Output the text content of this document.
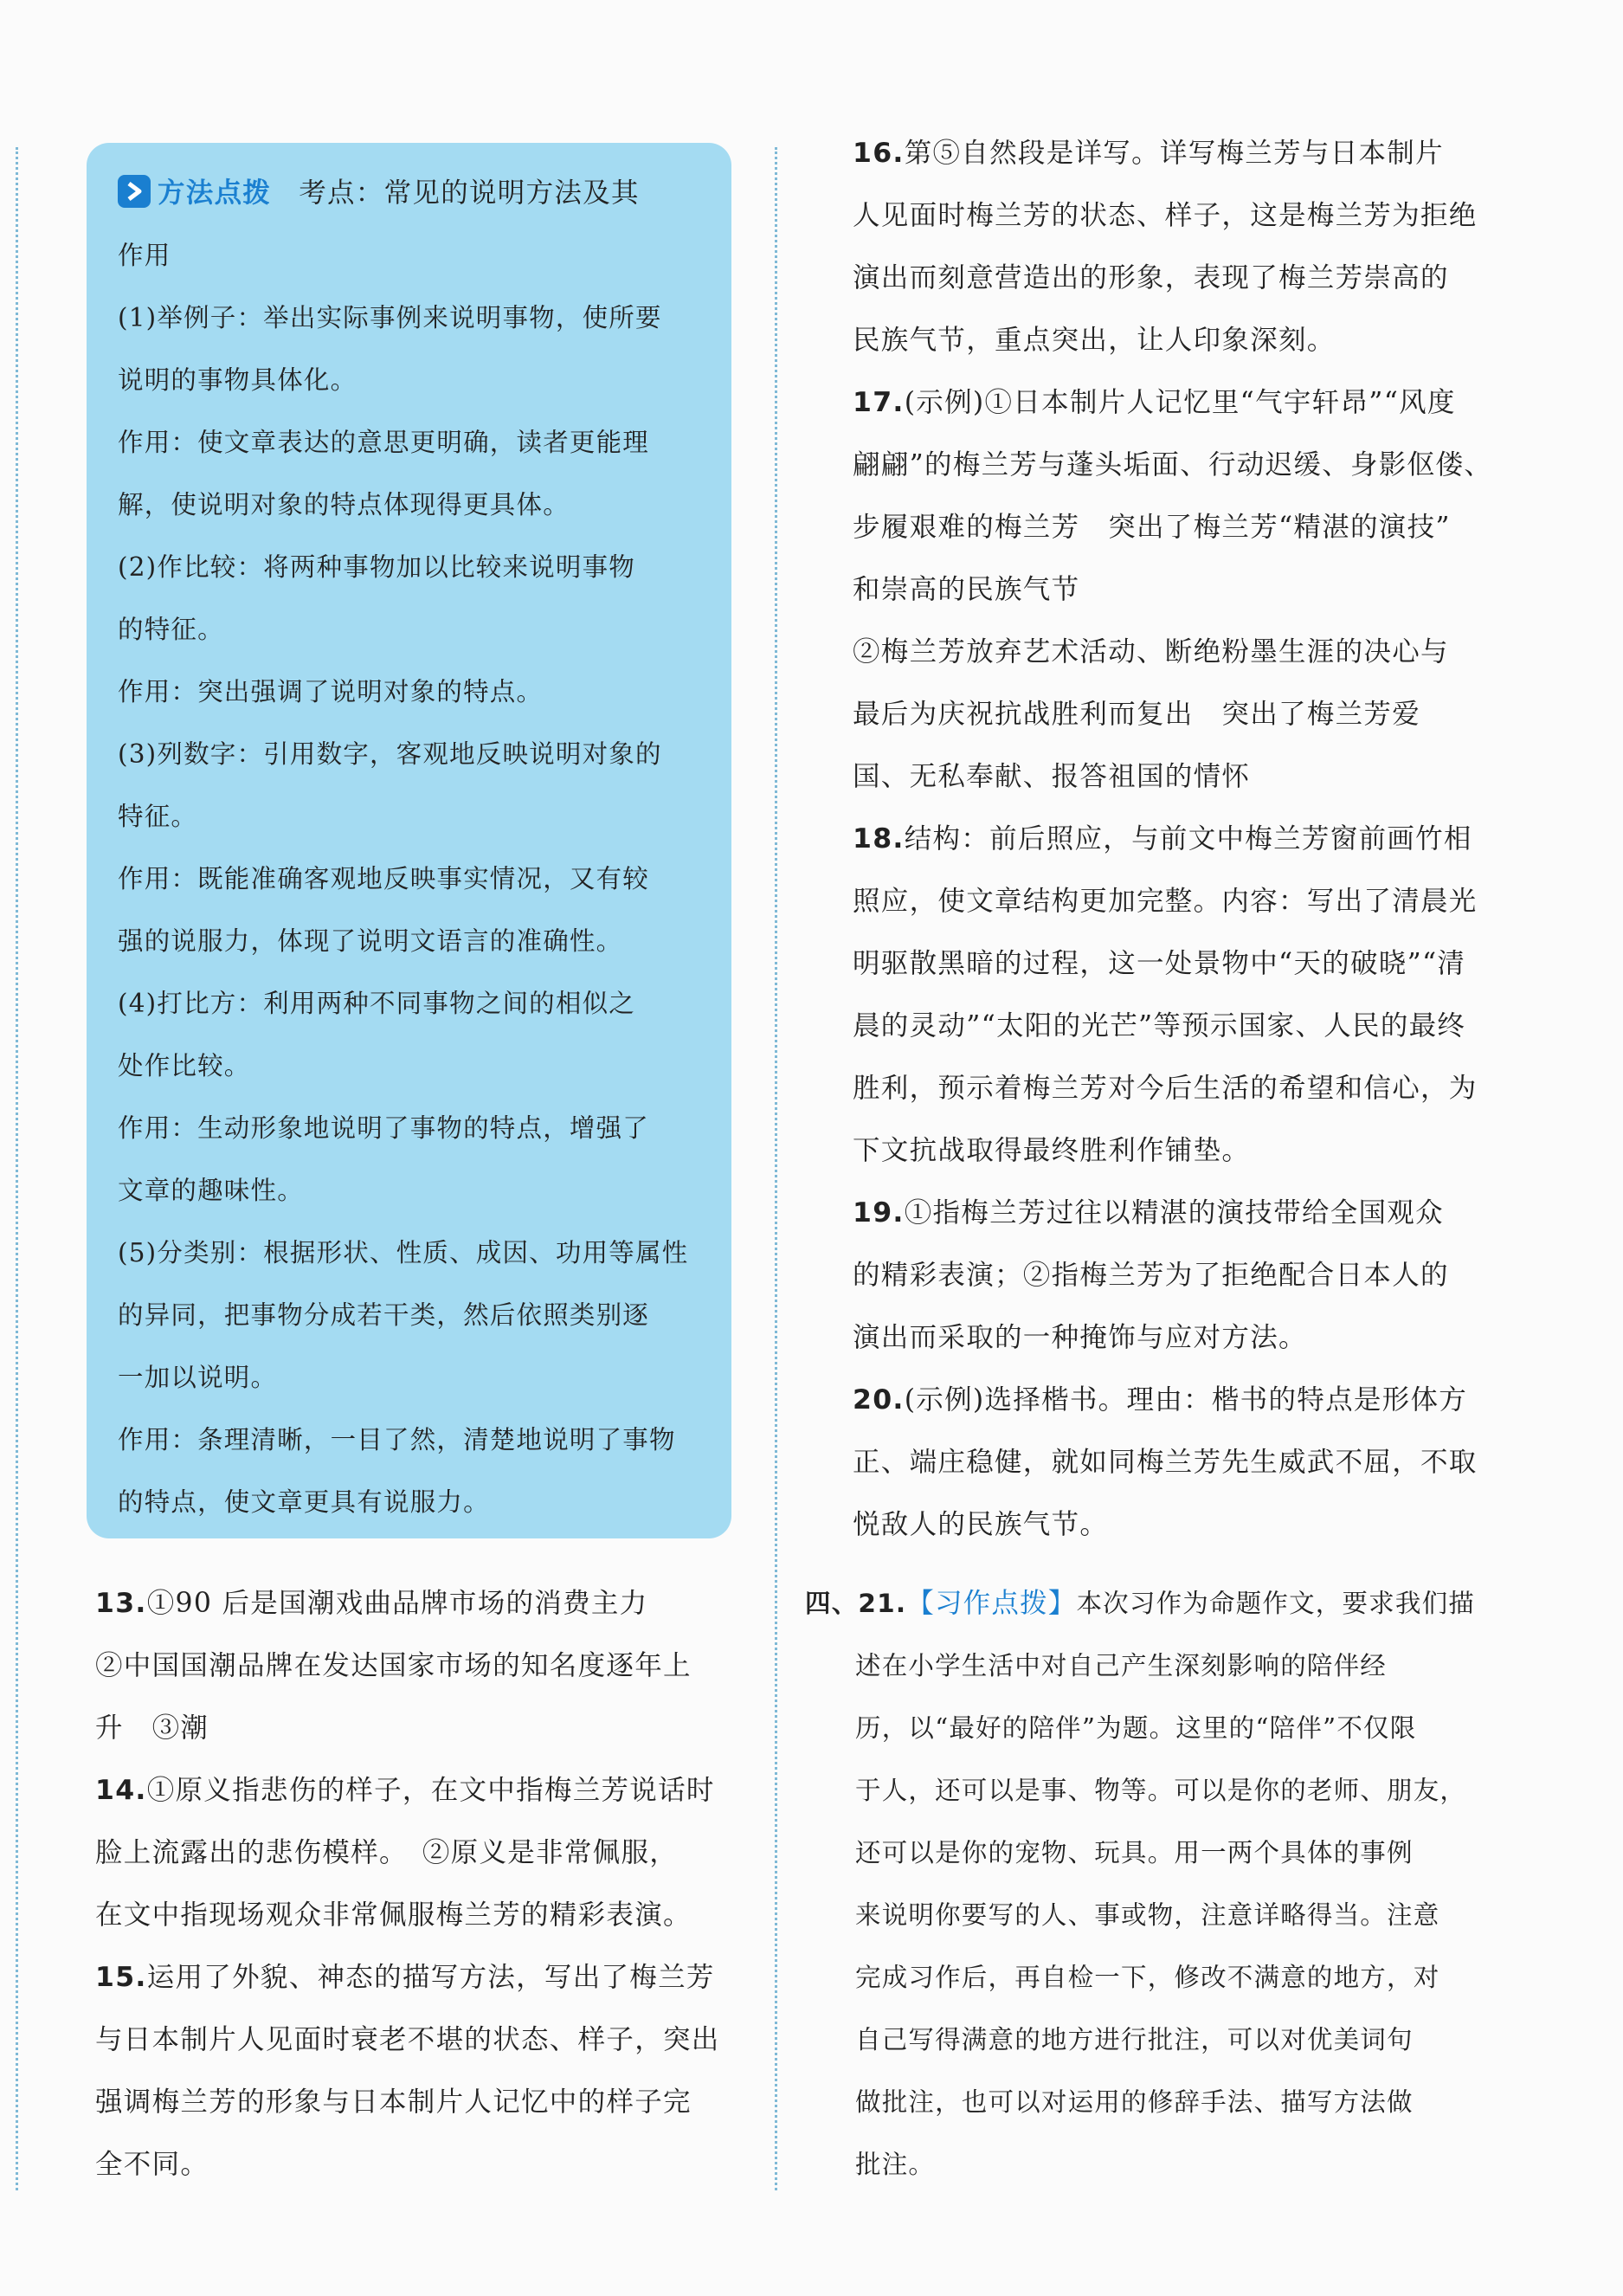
方法点拨 考点：常见的说明方法及其
作用
(1)举例子：举出实际事例来说明事物，使所要
说明的事物具体化。
作用：使文章表达的意思更明确，读者更能理
解，使说明对象的特点体现得更具体。
(2)作比较：将两种事物加以比较来说明事物
的特征。
作用：突出强调了说明对象的特点。
(3)列数字：引用数字，客观地反映说明对象的
特征。
作用：既能准确客观地反映事实情况，又有较
强的说服力，体现了说明文语言的准确性。
(4)打比方：利用两种不同事物之间的相似之
处作比较。
作用：生动形象地说明了事物的特点，增强了
文章的趣味性。
(5)分类别：根据形状、性质、成因、功用等属性
的异同，把事物分成若干类，然后依照类别逐
一加以说明。
作用：条理清晰，一目了然，清楚地说明了事物
的特点，使文章更具有说服力。
13.①90 后是国潮戏曲品牌市场的消费主力
②中国国潮品牌在发达国家市场的知名度逐年上
升　③潮
14.①原义指悲伤的样子，在文中指梅兰芳说话时
脸上流露出的悲伤模样。　②原义是非常佩服，
在文中指现场观众非常佩服梅兰芳的精彩表演。
15.运用了外貌、神态的描写方法，写出了梅兰芳
与日本制片人见面时衰老不堪的状态、样子，突出
强调梅兰芳的形象与日本制片人记忆中的样子完
全不同。
16.第⑤自然段是详写。详写梅兰芳与日本制片
人见面时梅兰芳的状态、样子，这是梅兰芳为拒绝
演出而刻意营造出的形象，表现了梅兰芳崇高的
民族气节，重点突出，让人印象深刻。
17.(示例)①日本制片人记忆里“气宇轩昂”“风度
翩翩”的梅兰芳与蓬头垢面、行动迟缓、身影伛偻、
步履艰难的梅兰芳　突出了梅兰芳“精湛的演技”
和崇高的民族气节
②梅兰芳放弃艺术活动、断绝粉墨生涯的决心与
最后为庆祝抗战胜利而复出　突出了梅兰芳爱
国、无私奉献、报答祖国的情怀
18.结构：前后照应，与前文中梅兰芳窗前画竹相
照应，使文章结构更加完整。内容：写出了清晨光
明驱散黑暗的过程，这一处景物中“天的破晓”“清
晨的灵动”“太阳的光芒”等预示国家、人民的最终
胜利，预示着梅兰芳对今后生活的希望和信心，为
下文抗战取得最终胜利作铺垫。
19.①指梅兰芳过往以精湛的演技带给全国观众
的精彩表演；②指梅兰芳为了拒绝配合日本人的
演出而采取的一种掩饰与应对方法。
20.(示例)选择楷书。理由：楷书的特点是形体方
正、端庄稳健，就如同梅兰芳先生威武不屈，不取
悦敌人的民族气节。
四、21.【习作点拨】本次习作为命题作文，要求我们描
述在小学生活中对自己产生深刻影响的陪伴经
历，以“最好的陪伴”为题。这里的“陪伴”不仅限
于人，还可以是事、物等。可以是你的老师、朋友，
还可以是你的宠物、玩具。用一两个具体的事例
来说明你要写的人、事或物，注意详略得当。注意
完成习作后，再自检一下，修改不满意的地方，对
自己写得满意的地方进行批注，可以对优美词句
做批注，也可以对运用的修辞手法、描写方法做
批注。
